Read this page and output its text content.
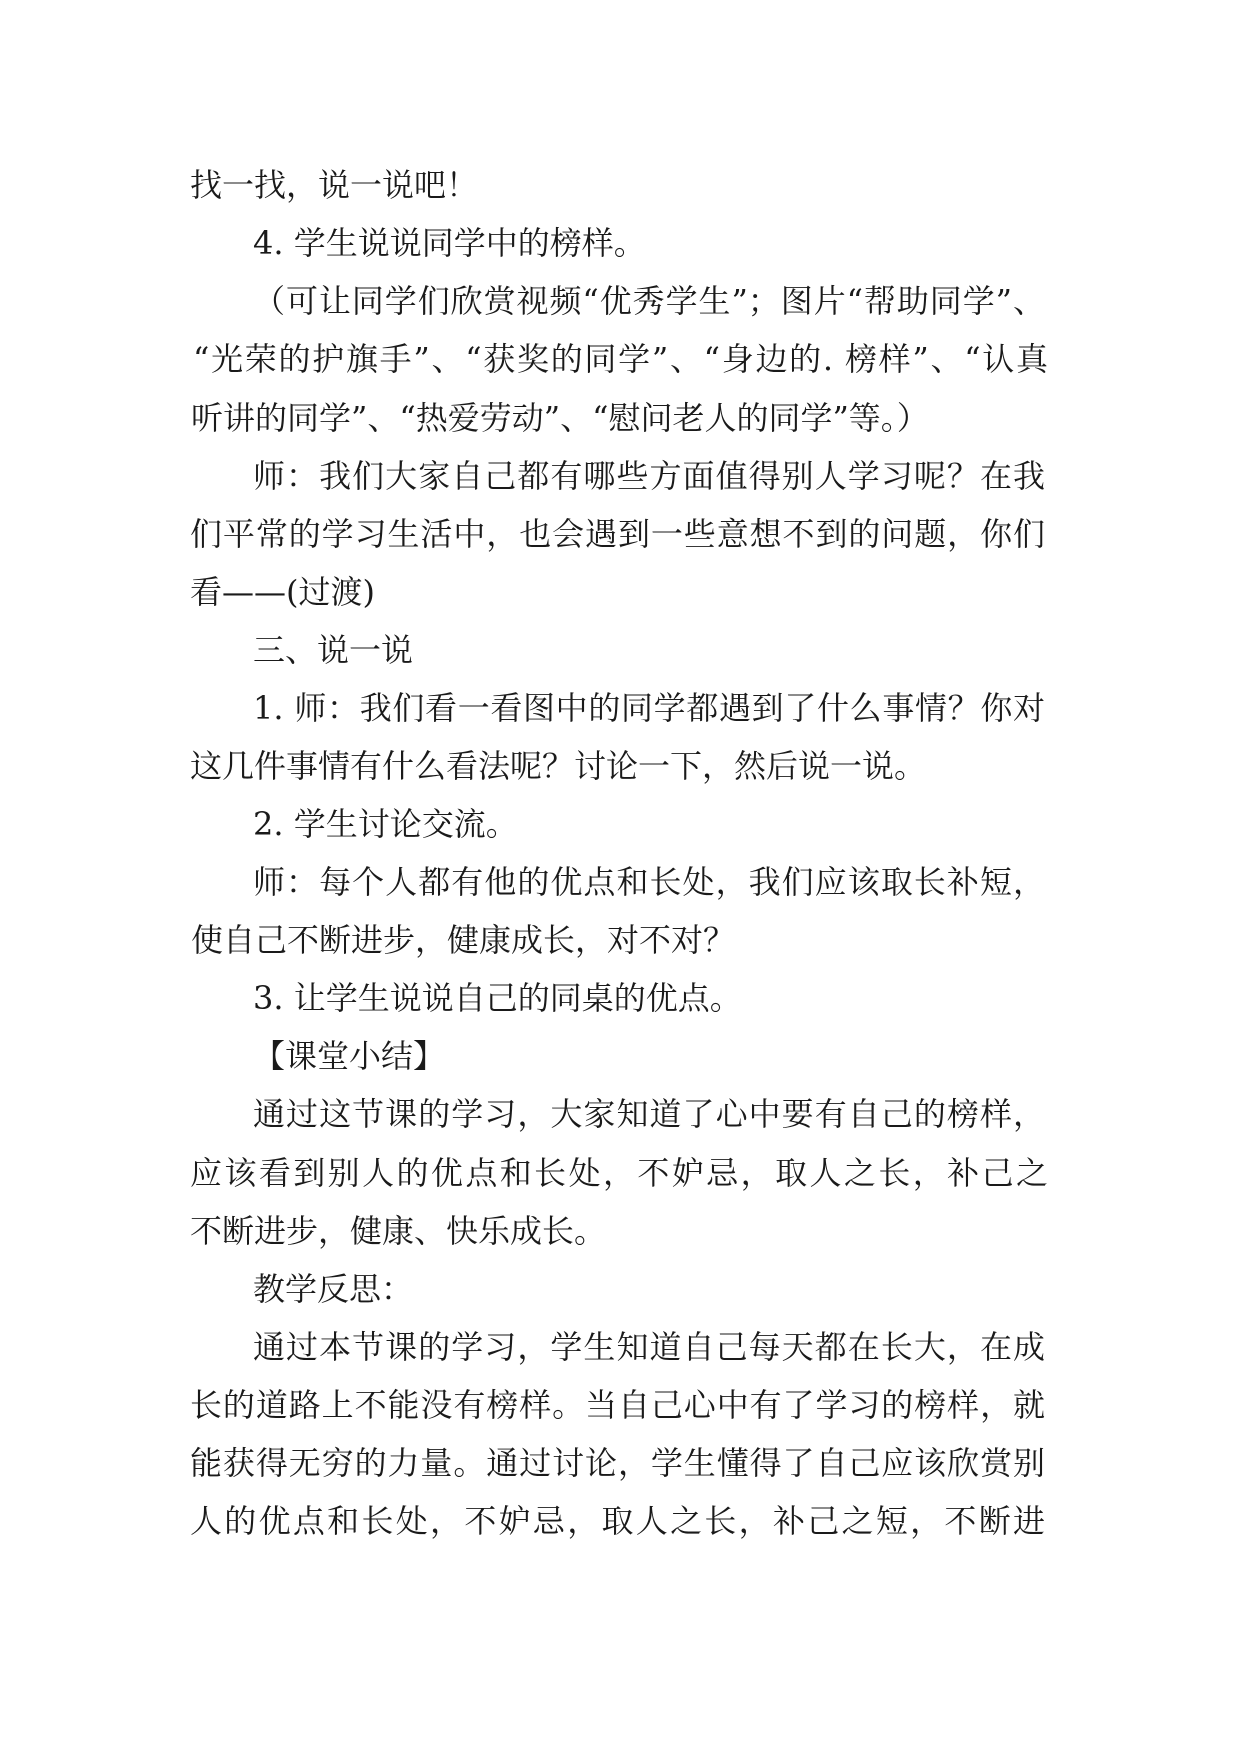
找一找，说一说吧！
4. 学生说说同学中的榜样。
（可让同学们欣赏视频“优秀学生”；图片“帮助同学”、
“光荣的护旗手”、“获奖的同学”、“身边的. 榜样”、“认真
听讲的同学”、“热爱劳动”、“慰问老人的同学”等。）
师：我们大家自己都有哪些方面值得别人学习呢？在我
们平常的学习生活中，也会遇到一些意想不到的问题，你们
看——(过渡)
三、说一说
1. 师：我们看一看图中的同学都遇到了什么事情？你对
这几件事情有什么看法呢？讨论一下，然后说一说。
2. 学生讨论交流。
师：每个人都有他的优点和长处，我们应该取长补短，
使自己不断进步，健康成长，对不对？
3. 让学生说说自己的同桌的优点。
【课堂小结】
通过这节课的学习，大家知道了心中要有自己的榜样，
应该看到别人的优点和长处，不妒忌，取人之长，补己之
不断进步，健康、快乐成长。
教学反思：
通过本节课的学习，学生知道自己每天都在长大，在成
长的道路上不能没有榜样。当自己心中有了学习的榜样，就
能获得无穷的力量。通过讨论，学生懂得了自己应该欣赏别
人的优点和长处，不妒忌，取人之长，补己之短，不断进
